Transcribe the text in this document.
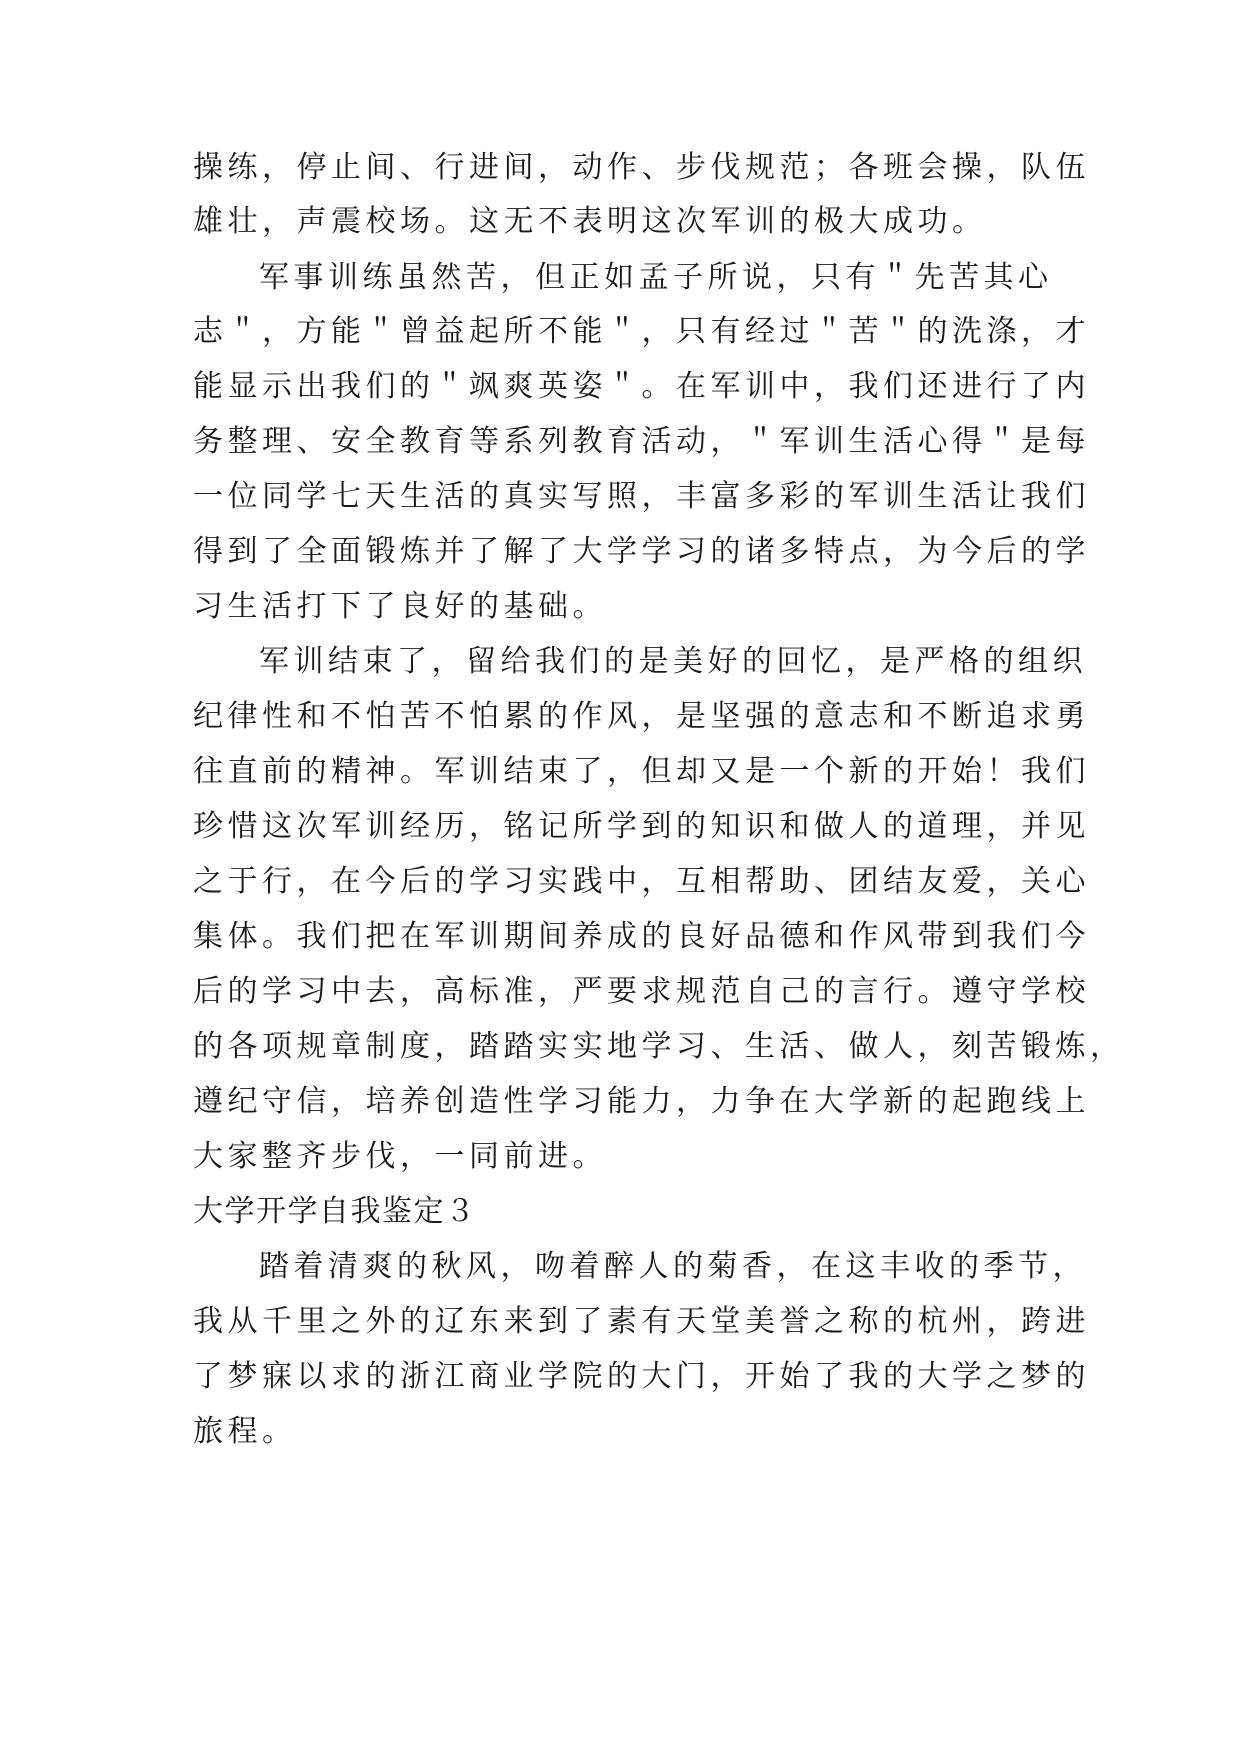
操练，停止间、行进间，动作、步伐规范；各班会操，队伍
雄壮，声震校场。这无不表明这次军训的极大成功。
军事训练虽然苦，但正如孟子所说，只有＂先苦其心
志＂，方能＂曾益起所不能＂，只有经过＂苦＂的洗涤，才
能显示出我们的＂飒爽英姿＂。在军训中，我们还进行了内
务整理、安全教育等系列教育活动，＂军训生活心得＂是每
一位同学七天生活的真实写照，丰富多彩的军训生活让我们
得到了全面锻炼并了解了大学学习的诸多特点，为今后的学
习生活打下了良好的基础。
军训结束了，留给我们的是美好的回忆，是严格的组织
纪律性和不怕苦不怕累的作风，是坚强的意志和不断追求勇
往直前的精神。军训结束了，但却又是一个新的开始！我们
珍惜这次军训经历，铭记所学到的知识和做人的道理，并见
之于行，在今后的学习实践中，互相帮助、团结友爱，关心
集体。我们把在军训期间养成的良好品德和作风带到我们今
后的学习中去，高标准，严要求规范自己的言行。遵守学校
的各项规章制度，踏踏实实地学习、生活、做人，刻苦锻炼，
遵纪守信，培养创造性学习能力，力争在大学新的起跑线上
大家整齐步伐，一同前进。
大学开学自我鉴定３
踏着清爽的秋风，吻着醉人的菊香，在这丰收的季节，
我从千里之外的辽东来到了素有天堂美誉之称的杭州，跨进
了梦寐以求的浙江商业学院的大门，开始了我的大学之梦的
旅程。
